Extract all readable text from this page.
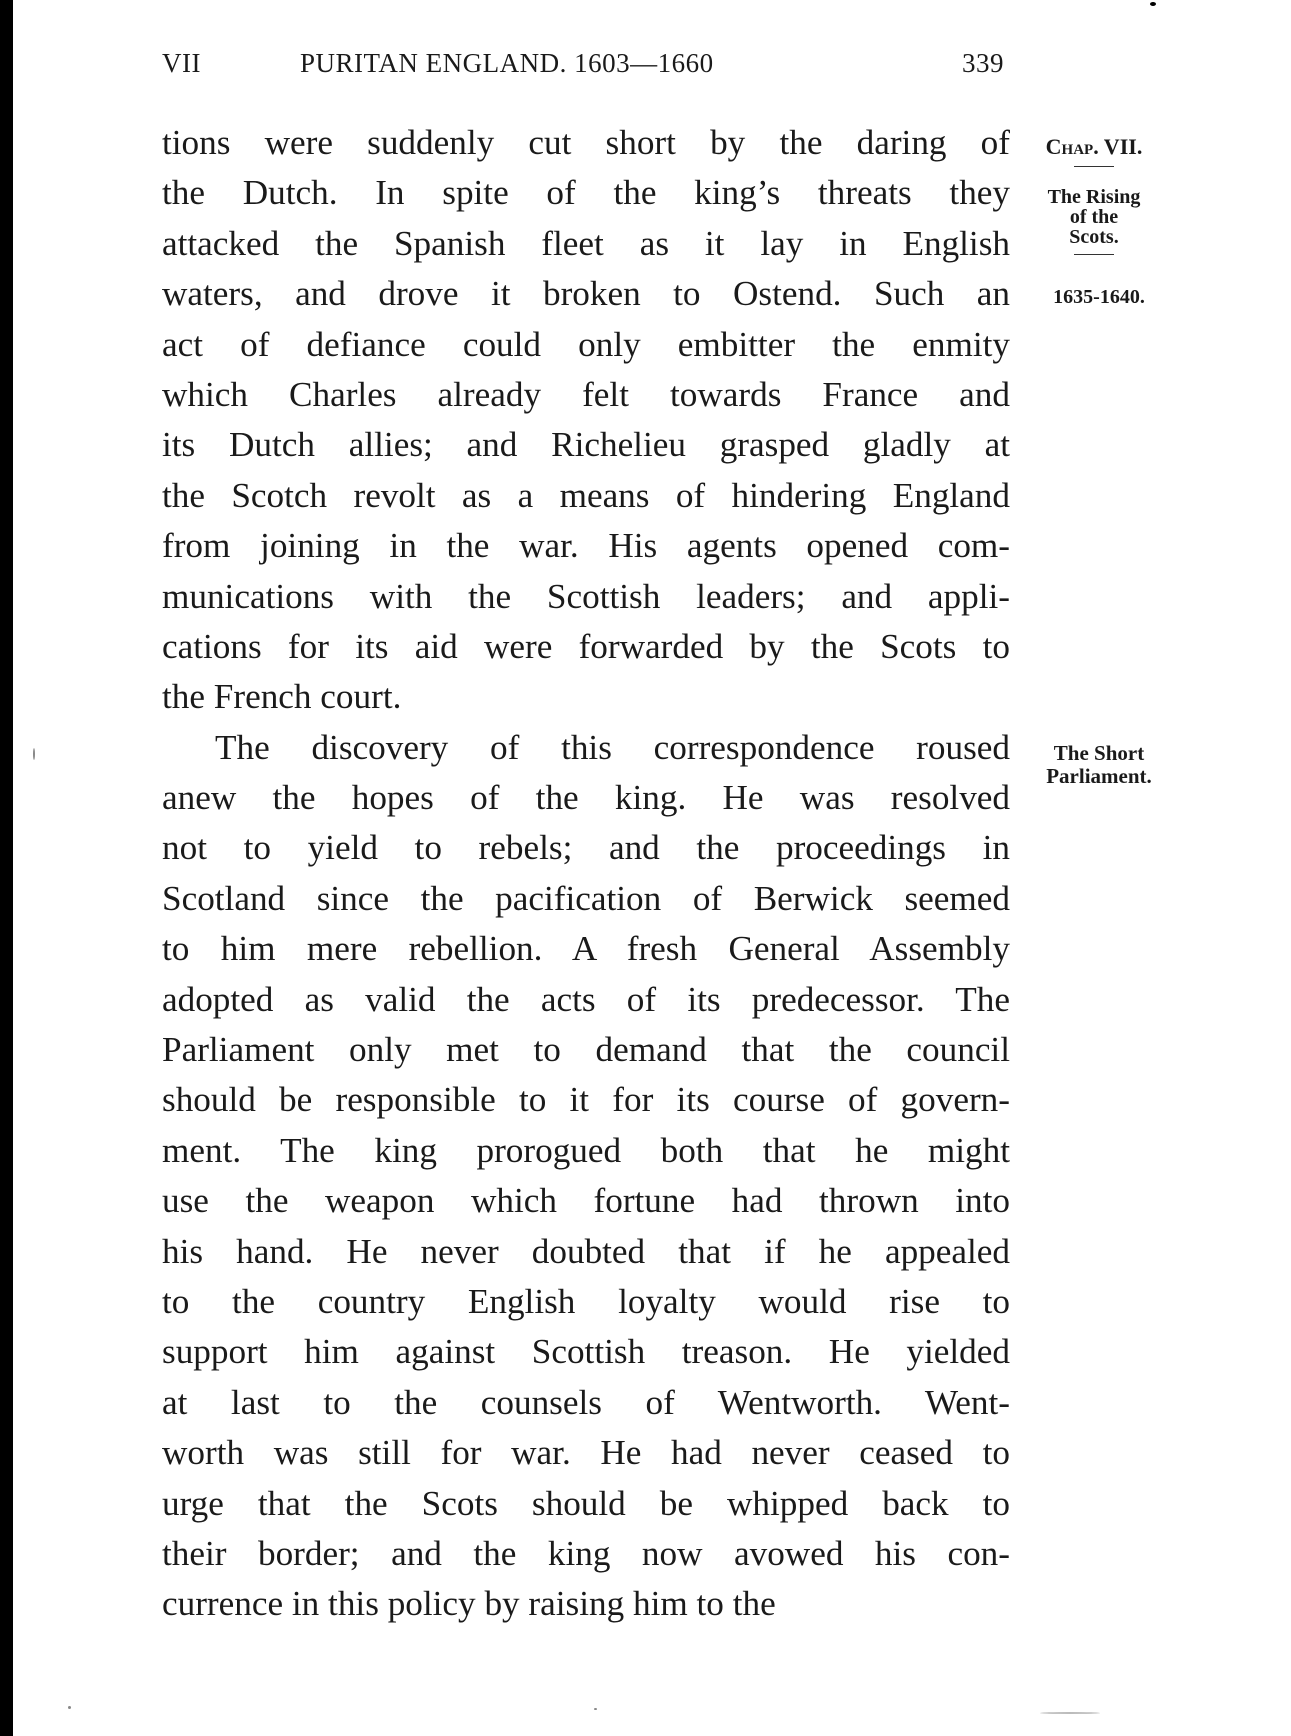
VII	PURITAN ENGLAND. 1603—1660	339
tions were suddenly cut short by the daring of
the Dutch. In spite of the king’s threats they
attacked the Spanish fleet as it lay in English
waters, and drove it broken to Ostend. Such an
act of defiance could only embitter the enmity
which Charles already felt towards France and
its Dutch allies; and Richelieu grasped gladly at
the Scotch revolt as a means of hindering England
from joining in the war. His agents opened com-
munications with the Scottish leaders; and appli-
cations for its aid were forwarded by the Scots to
the French court.
The discovery of this correspondence roused
anew the hopes of the king. He was resolved
not to yield to rebels; and the proceedings in
Scotland since the pacification of Berwick seemed
to him mere rebellion. A fresh General Assembly
adopted as valid the acts of its predecessor. The
Parliament only met to demand that the council
should be responsible to it for its course of govern-
ment. The king prorogued both that he might
use the weapon which fortune had thrown into
his hand. He never doubted that if he appealed
to the country English loyalty would rise to
support him against Scottish treason. He yielded
at last to the counsels of Wentworth. Went-
worth was still for war. He had never ceased to
urge that the Scots should be whipped back to
their border; and the king now avowed his con-
currence in this policy by raising him to the
Chap. VII.
The Rising
of the
Scots.
1635-1640.
The Short
Parliament.
